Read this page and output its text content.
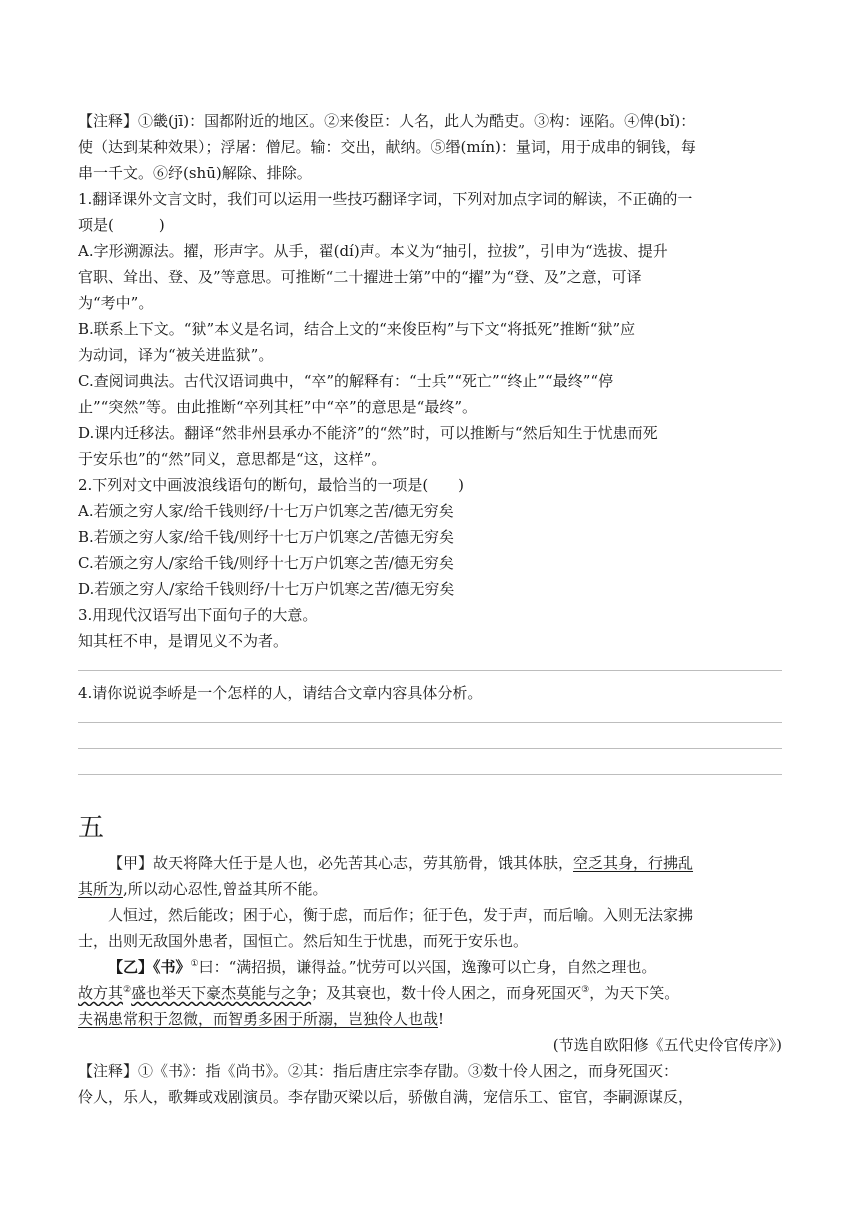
【注释】①畿(jī)：国都附近的地区。②来俊臣：人名，此人为酷吏。③构：诬陷。④俾(bǐ)：

使（达到某种效果）；浮屠：僧尼。输：交出，献纳。⑤缗(mín)：量词，用于成串的铜钱，每

串一千文。⑥纾(shū)解除、排除。

1.翻译课外文言文时，我们可以运用一些技巧翻译字词，下列对加点字词的解读，不正确的一

项是(　　　)

A.字形溯源法。擢，形声字。从手，翟(dí)声。本义为“抽引，拉拔”，引申为“选拔、提升

官职、耸出、登、及”等意思。可推断“二十擢进士第”中的“擢”为“登、及”之意，可译

为“考中”。

B.联系上下文。“狱”本义是名词，结合上文的“来俊臣构”与下文“将抵死”推断“狱”应

为动词，译为“被关进监狱”。

C.查阅词典法。古代汉语词典中，“卒”的解释有：“士兵”“死亡”“终止”“最终”“停

止”“突然”等。由此推断“卒列其枉”中“卒”的意思是“最终”。

D.课内迁移法。翻译“然非州县承办不能济”的“然”时，可以推断与“然后知生于忧患而死

于安乐也”的“然”同义，意思都是“这，这样”。

2.下列对文中画波浪线语句的断句，最恰当的一项是(　　)

A.若颁之穷人家/给千钱则纾/十七万户饥寒之苦/德无穷矣

B.若颁之穷人家/给千钱/则纾十七万户饥寒之/苦德无穷矣

C.若颁之穷人/家给千钱/则纾十七万户饥寒之苦/德无穷矣

D.若颁之穷人/家给千钱则纾/十七万户饥寒之苦/德无穷矣

3.用现代汉语写出下面句子的大意。

知其枉不申，是谓见义不为者。

4.请你说说李峤是一个怎样的人，请结合文章内容具体分析。

五

【甲】故天将降大任于是人也，必先苦其心志，劳其筋骨，饿其体肤，空乏其身，行拂乱

其所为,所以动心忍性,曾益其所不能。

人恒过，然后能改；困于心，衡于虑，而后作；征于色，发于声，而后喻。入则无法家拂

士，出则无敌国外患者，国恒亡。然后知生于忧患，而死于安乐也。

【乙】《书》①曰：“满招损，谦得益。”忧劳可以兴国，逸豫可以亡身，自然之理也。

故方其②盛也举天下豪杰莫能与之争；及其衰也，数十伶人困之，而身死国灭③，为天下笑。

夫祸患常积于忽微，而智勇多困于所溺，岂独伶人也哉!

(节选自欧阳修《五代史伶官传序》)

【注释】①《书》：指《尚书》。②其：指后唐庄宗李存勖。③数十伶人困之，而身死国灭：

伶人，乐人，歌舞或戏剧演员。李存勖灭梁以后，骄傲自满，宠信乐工、宦官，李嗣源谋反，
